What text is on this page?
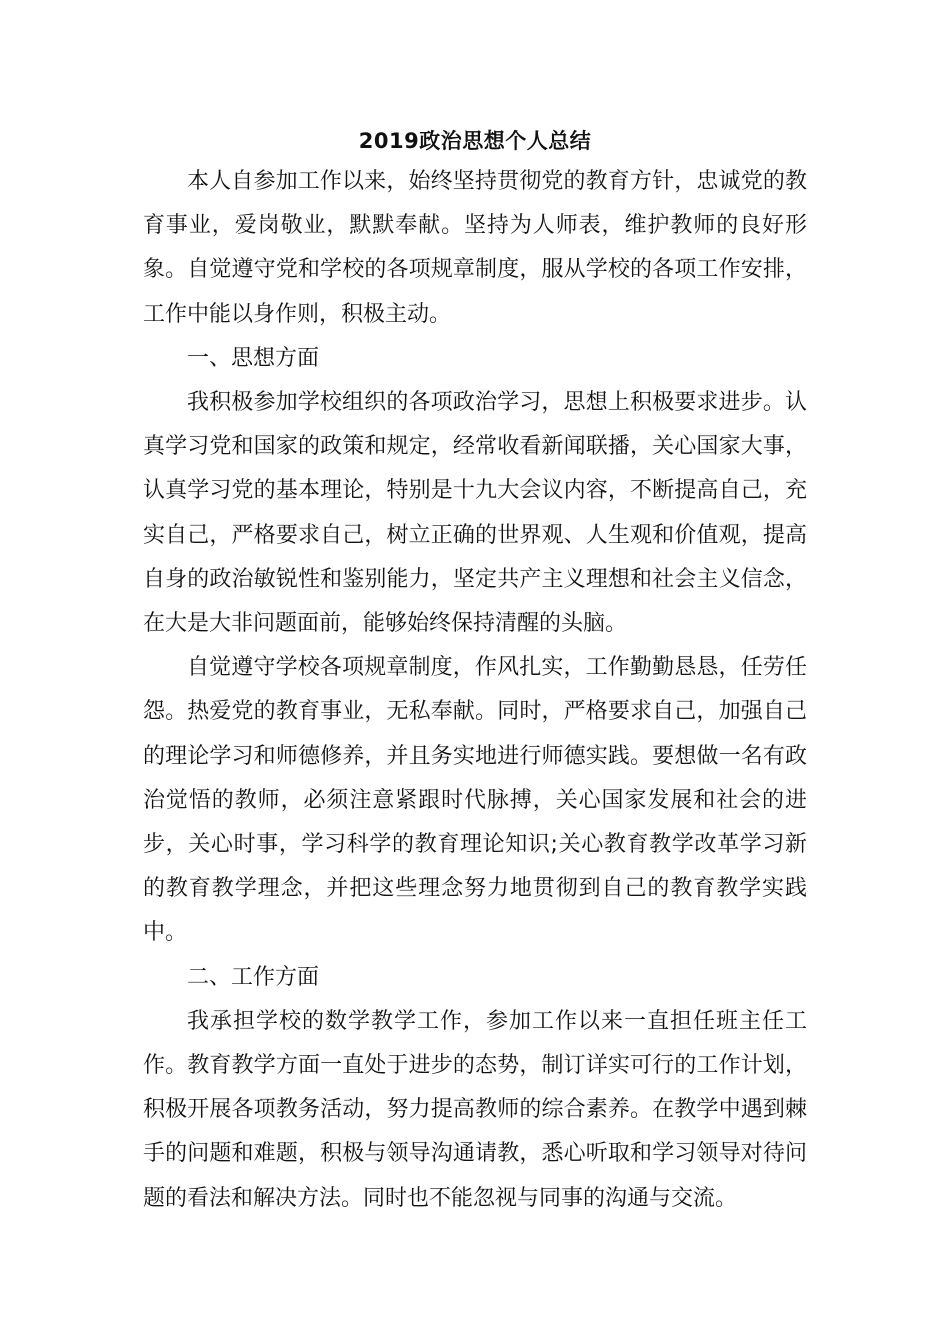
2019政治思想个人总结

本人自参加工作以来，始终坚持贯彻党的教育方针，忠诚党的教育事业，爱岗敬业，默默奉献。坚持为人师表，维护教师的良好形象。自觉遵守党和学校的各项规章制度，服从学校的各项工作安排，工作中能以身作则，积极主动。

一、思想方面

我积极参加学校组织的各项政治学习，思想上积极要求进步。认真学习党和国家的政策和规定，经常收看新闻联播，关心国家大事，认真学习党的基本理论，特别是十九大会议内容，不断提高自己，充实自己，严格要求自己，树立正确的世界观、人生观和价值观，提高自身的政治敏锐性和鉴别能力，坚定共产主义理想和社会主义信念，在大是大非问题面前，能够始终保持清醒的头脑。

自觉遵守学校各项规章制度，作风扎实，工作勤勤恳恳，任劳任怨。热爱党的教育事业，无私奉献。同时，严格要求自己，加强自己的理论学习和师德修养，并且务实地进行师德实践。要想做一名有政治觉悟的教师，必须注意紧跟时代脉搏，关心国家发展和社会的进步，关心时事，学习科学的教育理论知识;关心教育教学改革学习新的教育教学理念，并把这些理念努力地贯彻到自己的教育教学实践中。

二、工作方面

我承担学校的数学教学工作，参加工作以来一直担任班主任工作。教育教学方面一直处于进步的态势，制订详实可行的工作计划，积极开展各项教务活动，努力提高教师的综合素养。在教学中遇到棘手的问题和难题，积极与领导沟通请教，悉心听取和学习领导对待问题的看法和解决方法。同时也不能忽视与同事的沟通与交流。
